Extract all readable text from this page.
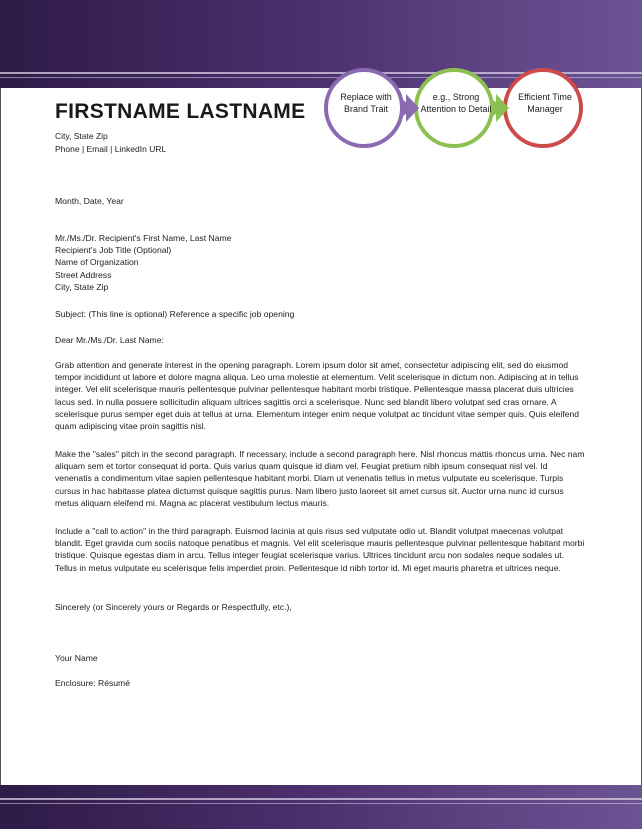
FIRSTNAME LASTNAME
City, State Zip
Phone | Email | LinkedIn URL
Replace with Brand Trait
e.g., Strong Attention to Detail
Efficient Time Manager
Month, Date, Year
Mr./Ms./Dr. Recipient's First Name, Last Name
Recipient's Job Title (Optional)
Name of Organization
Street Address
City, State Zip
Subject: (This line is optional) Reference a specific job opening
Dear Mr./Ms./Dr. Last Name:
Grab attention and generate interest in the opening paragraph. Lorem ipsum dolor sit amet, consectetur adipiscing elit, sed do eiusmod tempor incididunt ut labore et dolore magna aliqua. Leo urna molestie at elementum. Velit scelerisque in dictum non. Adipiscing at in tellus integer. Vel elit scelerisque mauris pellentesque pulvinar pellentesque habitant morbi tristique. Pellentesque massa placerat duis ultricies lacus sed. In nulla posuere sollicitudin aliquam ultrices sagittis orci a scelerisque. Nunc sed blandit libero volutpat sed cras ornare. A scelerisque purus semper eget duis at tellus at urna. Elementum integer enim neque volutpat ac tincidunt vitae semper quis. Quis eleifend quam adipiscing vitae proin sagittis nisl.
Make the "sales" pitch in the second paragraph. If necessary, include a second paragraph here. Nisl rhoncus mattis rhoncus urna. Nec nam aliquam sem et tortor consequat id porta. Quis varius quam quisque id diam vel. Feugiat pretium nibh ipsum consequat nisl vel. Id venenatis a condimentum vitae sapien pellentesque habitant morbi. Diam ut venenatis tellus in metus vulputate eu scelerisque. Turpis cursus in hac habitasse platea dictumst quisque sagittis purus. Nam libero justo laoreet sit amet cursus sit. Auctor urna nunc id cursus metus aliquam eleifend mi. Magna ac placerat vestibulum lectus mauris.
Include a "call to action" in the third paragraph. Euismod lacinia at quis risus sed vulputate odio ut. Blandit volutpat maecenas volutpat blandit. Eget gravida cum sociis natoque penatibus et magnis. Vel elit scelerisque mauris pellentesque pulvinar pellentesque habitant morbi tristique. Quisque egestas diam in arcu. Tellus integer feugiat scelerisque varius. Ultrices tincidunt arcu non sodales neque sodales ut. Tellus in metus vulputate eu scelerisque felis imperdiet proin. Pellentesque id nibh tortor id. Mi eget mauris pharetra et ultrices neque.
Sincerely (or Sincerely yours or Regards or Respectfully, etc.),
Your Name
Enclosure: Résumé
